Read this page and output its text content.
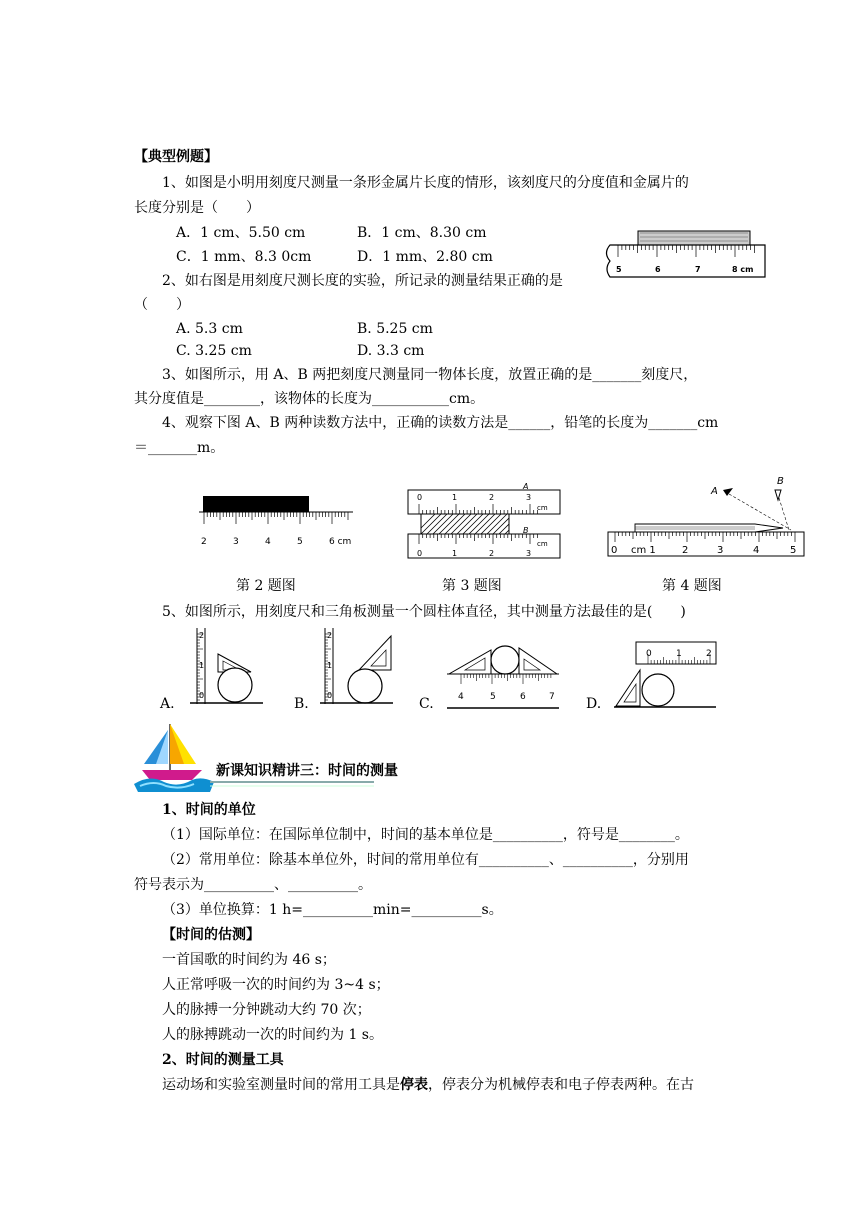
【典型例题】
1、如图是小明用刻度尺测量一条形金属片长度的情形，该刻度尺的分度值和金属片的
长度分别是（　　）
A．1 cm、5.50 cm	B．1 cm、8.30 cm
C．1 mm、8.3 0cm	D．1 mm、2.80 cm
2、如右图是用刻度尺测长度的实验，所记录的测量结果正确的是
（　　）
A. 5.3 cm	B. 5.25 cm
C. 3.25 cm	D. 3.3 cm
3、如图所示，用 A、B 两把刻度尺测量同一物体长度，放置正确的是_______刻度尺，
其分度值是________，该物体的长度为___________cm。
4、观察下图 A、B 两种读数方法中，正确的读数方法是______，铅笔的长度为_______cm
＝_______m。
5	6	7	8 cm
2	3	4	5	6 cm
0	1	2	3
cm
A
0	1	2	3
cm
B
A
B
0 cm 1	2	3	4	5
第 2 题图	第 3 题图	第 4 题图
5、如图所示，用刻度尺和三角板测量一个圆柱体直径，其中测量方法最佳的是(　　)
2
1
0
2
1
0	4	5	6	7
0	1	2
A.	B.	C.	D.
新课知识精讲三：时间的测量
1、时间的单位
（1）国际单位：在国际单位制中，时间的基本单位是__________，符号是________。
（2）常用单位：除基本单位外，时间的常用单位有__________、__________，分别用
符号表示为__________、__________。
（3）单位换算：1 h=__________min=__________s。
【时间的估测】
一首国歌的时间约为 46 s；
人正常呼吸一次的时间约为 3~4 s；
人的脉搏一分钟跳动大约 70 次；
人的脉搏跳动一次的时间约为 1 s。
2、时间的测量工具
运动场和实验室测量时间的常用工具是停表，停表分为机械停表和电子停表两种。在古
